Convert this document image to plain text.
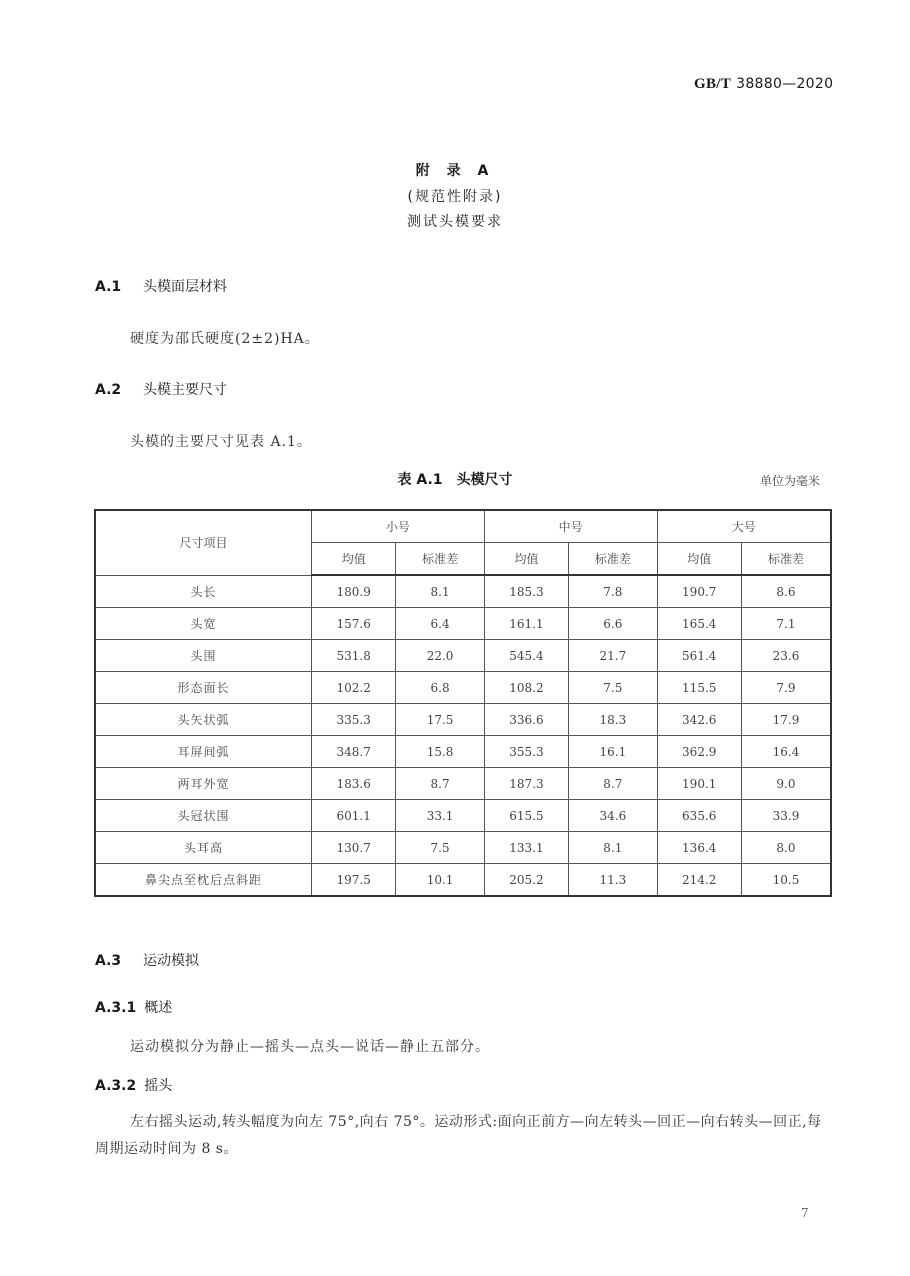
GB/T 38880—2020
附 录 A
(规范性附录)
测试头模要求
A.1 头模面层材料
硬度为邵氏硬度(2±2)HA。
A.2 头模主要尺寸
头模的主要尺寸见表 A.1。
表 A.1　头模尺寸	单位为毫米
尺寸项目	小号		中号		大号	
	均值	标准差	均值	标准差	均值	标准差
头长	180.9	8.1	185.3	7.8	190.7	8.6
头宽	157.6	6.4	161.1	6.6	165.4	7.1
头围	531.8	22.0	545.4	21.7	561.4	23.6
形态面长	102.2	6.8	108.2	7.5	115.5	7.9
头矢状弧	335.3	17.5	336.6	18.3	342.6	17.9
耳屏间弧	348.7	15.8	355.3	16.1	362.9	16.4
两耳外宽	183.6	8.7	187.3	8.7	190.1	9.0
头冠状围	601.1	33.1	615.5	34.6	635.6	33.9
头耳高	130.7	7.5	133.1	8.1	136.4	8.0
鼻尖点至枕后点斜距	197.5	10.1	205.2	11.3	214.2	10.5
A.3 运动模拟
A.3.1 概述
运动模拟分为静止—摇头—点头—说话—静止五部分。
A.3.2 摇头
左右摇头运动,转头幅度为向左 75°,向右 75°。运动形式:面向正前方—向左转头—回正—向右转头—回正,每周期运动时间为 8 s。
7
